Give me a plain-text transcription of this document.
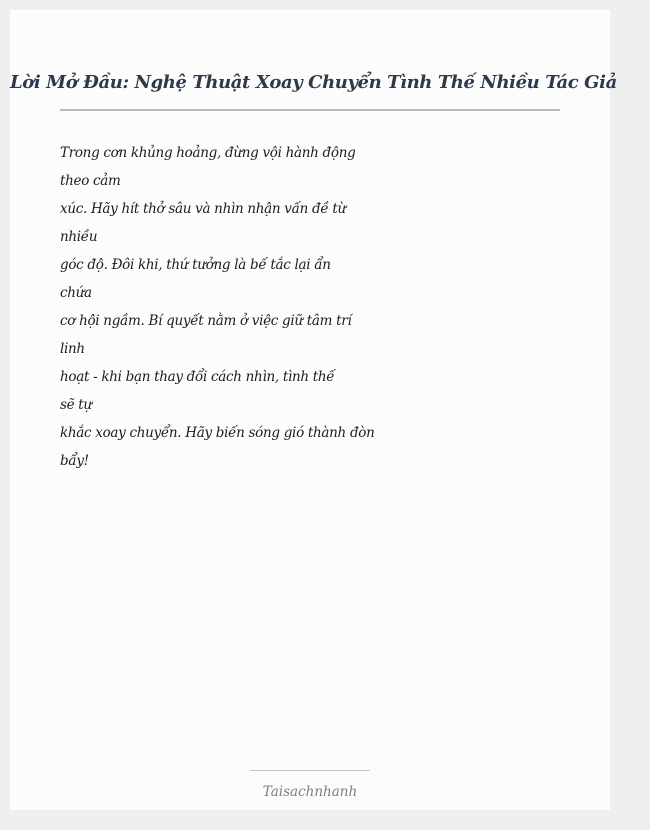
Lời Mở Đầu: Nghệ Thuật Xoay Chuyển Tình Thế Nhiều Tác Giả

Trong cơn khủng hoảng, đừng vội hành động
theo cảm
xúc. Hãy hít thở sâu và nhìn nhận vấn đề từ
nhiều
góc độ. Đôi khi, thứ tưởng là bế tắc lại ẩn
chứa
cơ hội ngầm. Bí quyết nằm ở việc giữ tâm trí
linh
hoạt - khi bạn thay đổi cách nhìn, tình thế
sẽ tự
khắc xoay chuyển. Hãy biến sóng gió thành đòn
bẩy!

Taisachnhanh
